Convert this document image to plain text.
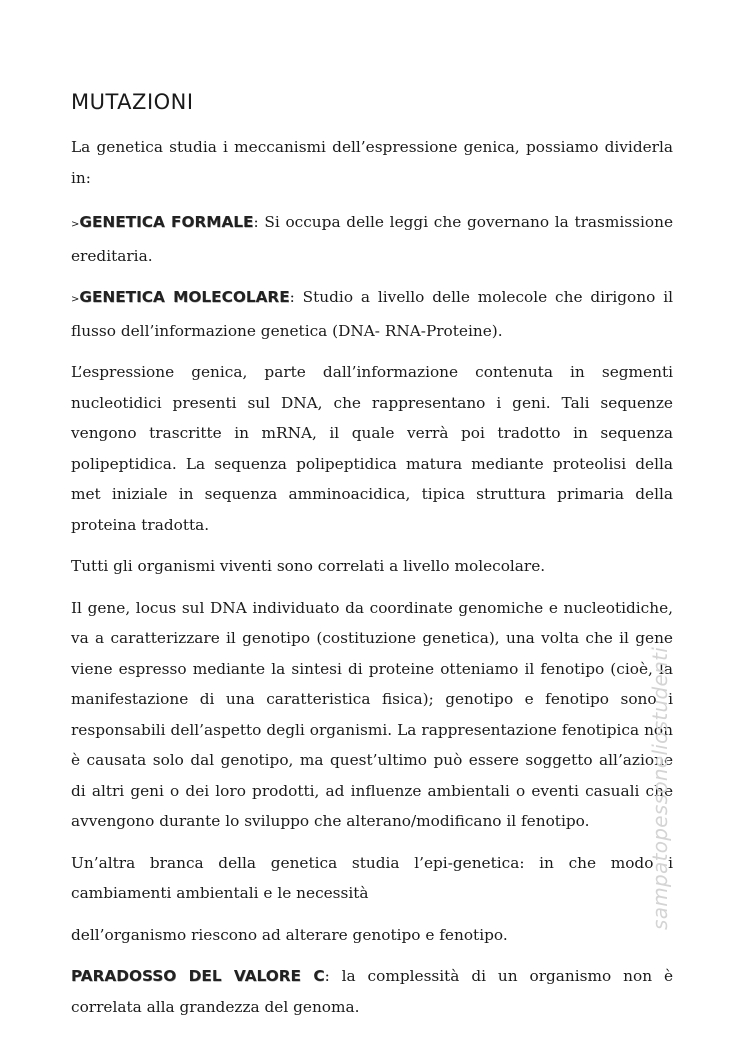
MUTAZIONI

La genetica studia i meccanismi dell’espressione genica, possiamo dividerla in:

>GENETICA FORMALE: Si occupa delle leggi che governano la trasmissione ereditaria.

>GENETICA MOLECOLARE: Studio a livello delle molecole che dirigono il flusso dell’informazione genetica (DNA- RNA-Proteine).

L’espressione genica, parte dall’informazione contenuta in segmenti nucleotidici presenti sul DNA, che rappresentano i geni. Tali sequenze vengono trascritte in mRNA, il quale verrà poi tradotto in sequenza polipeptidica. La sequenza polipeptidica matura mediante proteolisi della met iniziale in sequenza amminoacidica, tipica struttura primaria della proteina tradotta.

Tutti gli organismi viventi sono correlati a livello molecolare.

Il gene, locus sul DNA individuato da coordinate genomiche e nucleotidiche, va a caratterizzare il genotipo (costituzione genetica), una volta che il gene viene espresso mediante la sintesi di proteine otteniamo il fenotipo (cioè, la manifestazione di una caratteristica fisica); genotipo e fenotipo sono i responsabili dell’aspetto degli organismi. La rappresentazione fenotipica non è causata solo dal genotipo, ma quest’ultimo può essere soggetto all’azione di altri geni o dei loro prodotti, ad influenze ambientali o eventi casuali che avvengono durante lo sviluppo che alterano/modificano il fenotipo.

Un’altra branca della genetica studia l’epi-genetica: in che modo i cambiamenti ambientali e le necessità

dell’organismo riescono ad alterare genotipo e fenotipo.

PARADOSSO DEL VALORE C: la complessità di un organismo non è correlata alla grandezza del genoma.

sampatopessoneliostudenti
